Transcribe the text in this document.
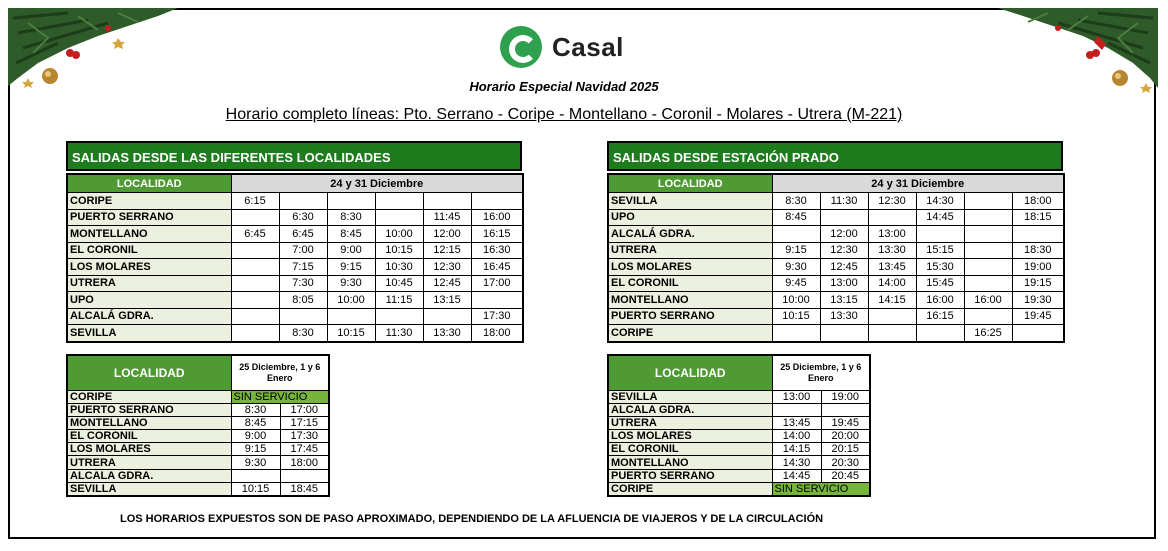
Casal
Horario Especial Navidad 2025
Horario completo líneas: Pto. Serrano - Coripe - Montellano - Coronil - Molares - Utrera (M-221)
SALIDAS DESDE LAS DIFERENTES LOCALIDADES
LOCALIDAD	24 y 31 Diciembre					
CORIPE	6:15					
PUERTO SERRANO		6:30	8:30		11:45	16:00
MONTELLANO	6:45	6:45	8:45	10:00	12:00	16:15
EL CORONIL		7:00	9:00	10:15	12:15	16:30
LOS MOLARES		7:15	9:15	10:30	12:30	16:45
UTRERA		7:30	9:30	10:45	12:45	17:00
UPO		8:05	10:00	11:15	13:15	
ALCALÁ GDRA.						17:30
SEVILLA		8:30	10:15	11:30	13:30	18:00
SALIDAS DESDE ESTACIÓN PRADO
LOCALIDAD	24 y 31 Diciembre					
SEVILLA	8:30	11:30	12:30	14:30		18:00
UPO	8:45			14:45		18:15
ALCALÁ GDRA.		12:00	13:00			
UTRERA	9:15	12:30	13:30	15:15		18:30
LOS MOLARES	9:30	12:45	13:45	15:30		19:00
EL CORONIL	9:45	13:00	14:00	15:45		19:15
MONTELLANO	10:00	13:15	14:15	16:00	16:00	19:30
PUERTO SERRANO	10:15	13:30		16:15		19:45
CORIPE					16:25	
LOCALIDAD	25 Diciembre, 1 y 6 Enero	
CORIPE	SIN SERVICIO	
PUERTO SERRANO	8:30	17:00
MONTELLANO	8:45	17:15
EL CORONIL	9:00	17:30
LOS MOLARES	9:15	17:45
UTRERA	9:30	18:00
ALCALA GDRA.		
SEVILLA	10:15	18:45
LOCALIDAD	25 Diciembre, 1 y 6 Enero	
SEVILLA	13:00	19:00
ALCALA GDRA.		
UTRERA	13:45	19:45
LOS MOLARES	14:00	20:00
EL CORONIL	14:15	20:15
MONTELLANO	14:30	20:30
PUERTO SERRANO	14:45	20:45
CORIPE	SIN SERVICIO	
LOS HORARIOS EXPUESTOS SON DE PASO APROXIMADO, DEPENDIENDO DE LA AFLUENCIA DE VIAJEROS Y DE LA CIRCULACIÓN
